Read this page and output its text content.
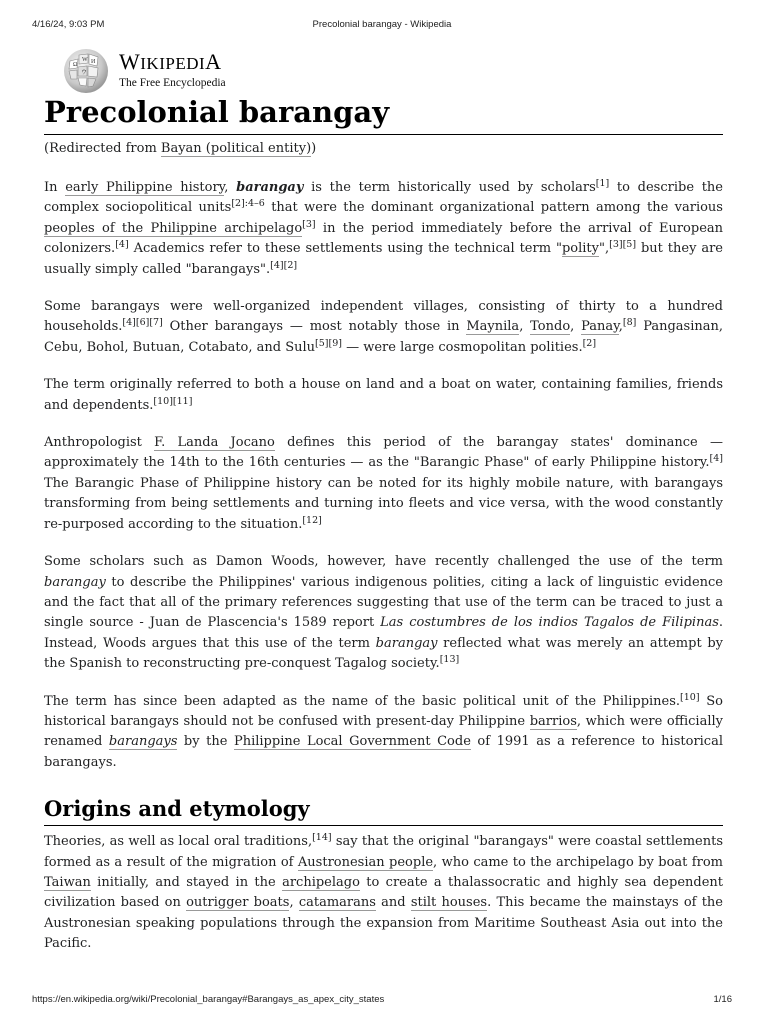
4/16/24, 9:03 PM	Precolonial barangay - Wikipedia
Ω
W И
ウ WIKIPEDIA
The Free Encyclopedia
Precolonial barangay
(Redirected from Bayan (political entity))

In early Philippine history, barangay is the term historically used by scholars[1] to describe the complex sociopolitical units$^{[2]:4-6}$ that were the dominant organizational pattern among the various peoples of the Philippine archipelago[3] in the period immediately before the arrival of European colonizers.[4] Academics refer to these settlements using the technical term "polity",[3][5] but they are usually simply called "barangays".[4][2]

Some barangays were well-organized independent villages, consisting of thirty to a hundred households.[4][6][7] Other barangays — most notably those in Maynila, Tondo, Panay,[8] Pangasinan, Cebu, Bohol, Butuan, Cotabato, and Sulu[5][9] — were large cosmopolitan polities.[2]

The term originally referred to both a house on land and a boat on water, containing families, friends and dependents.[10][11]

Anthropologist F. Landa Jocano defines this period of the barangay states' dominance — approximately the 14th to the 16th centuries — as the "Barangic Phase" of early Philippine history.[4] The Barangic Phase of Philippine history can be noted for its highly mobile nature, with barangays transforming from being settlements and turning into fleets and vice versa, with the wood constantly re-purposed according to the situation.[12]

Some scholars such as Damon Woods, however, have recently challenged the use of the term barangay to describe the Philippines' various indigenous polities, citing a lack of linguistic evidence and the fact that all of the primary references suggesting that use of the term can be traced to just a single source - Juan de Plascencia's 1589 report Las costumbres de los indios Tagalos de Filipinas. Instead, Woods argues that this use of the term barangay reflected what was merely an attempt by the Spanish to reconstructing pre-conquest Tagalog society.[13]

The term has since been adapted as the name of the basic political unit of the Philippines.[10] So historical barangays should not be confused with present-day Philippine barrios, which were officially renamed barangays by the Philippine Local Government Code of 1991 as a reference to historical barangays.

Origins and etymology

Theories, as well as local oral traditions,[14] say that the original "barangays" were coastal settlements formed as a result of the migration of Austronesian people, who came to the archipelago by boat from Taiwan initially, and stayed in the archipelago to create a thalassocratic and highly sea dependent civilization based on outrigger boats, catamarans and stilt houses. This became the mainstays of the Austronesian speaking populations through the expansion from Maritime Southeast Asia out into the Pacific.

https://en.wikipedia.org/wiki/Precolonial_barangay#Barangays_as_apex_city_states	1/16
